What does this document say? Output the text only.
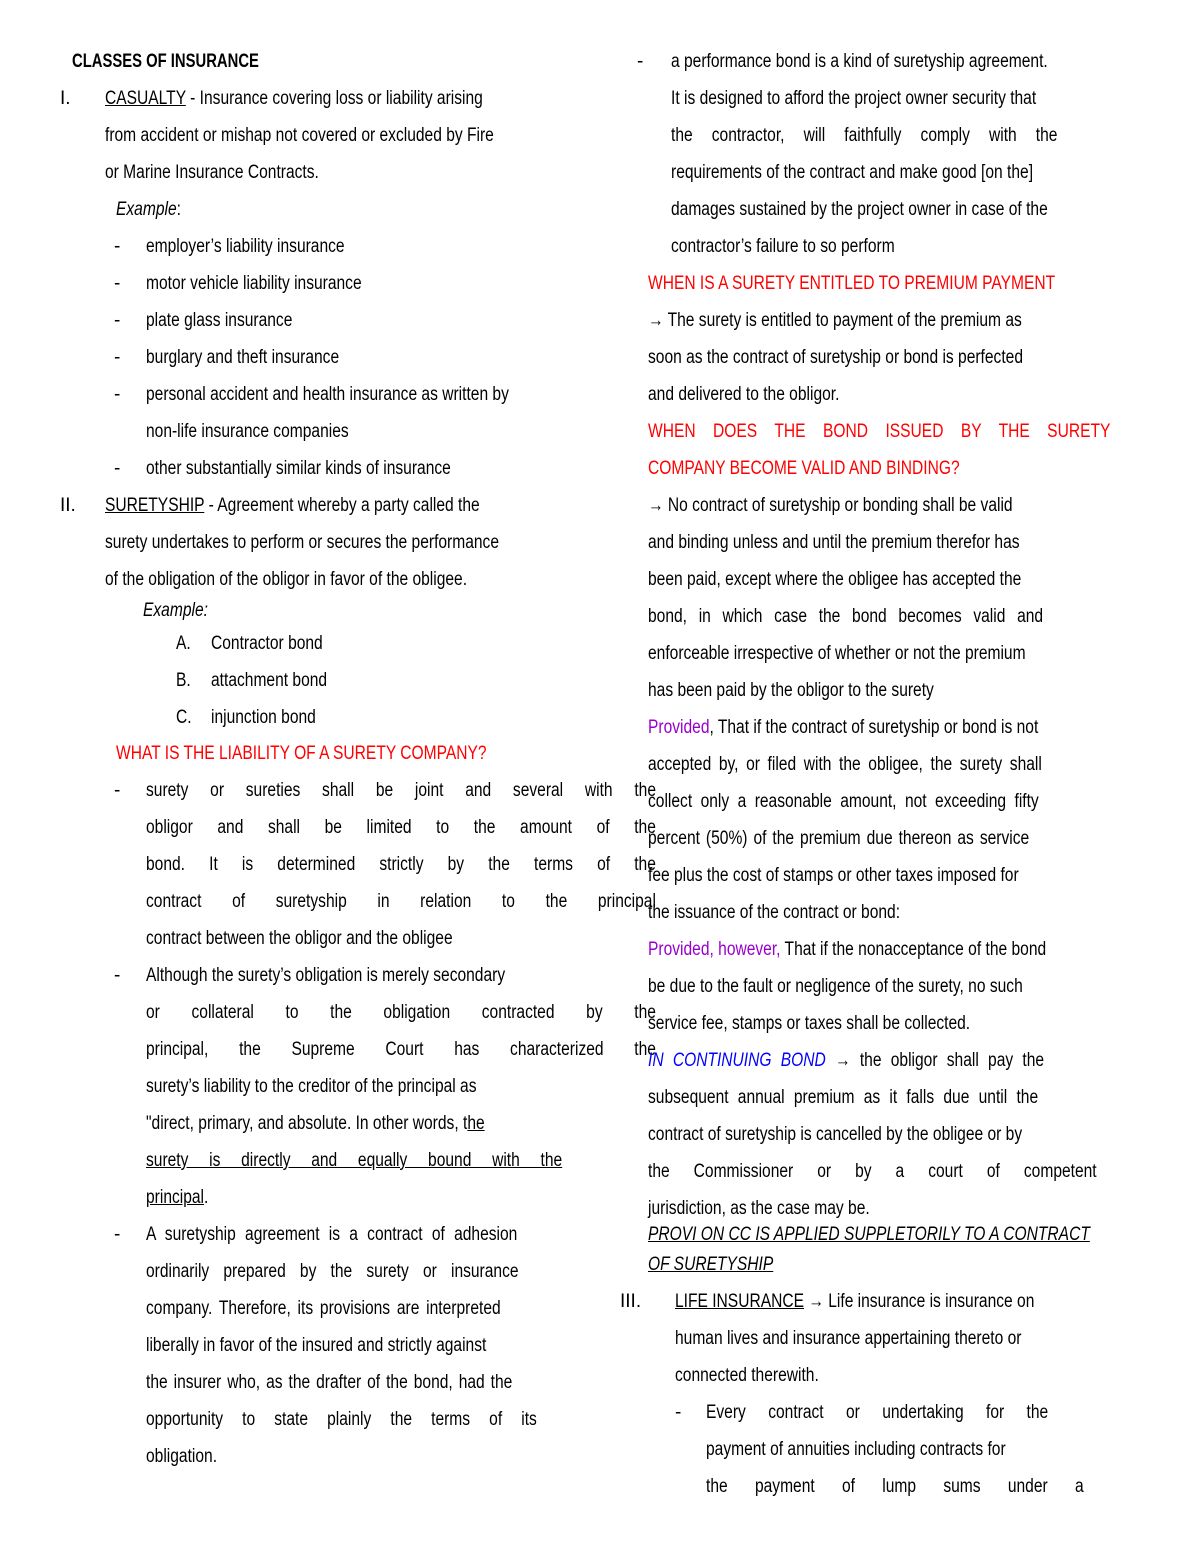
CLASSES OF INSURANCE
I. CASUALTY - Insurance covering loss or liability arising
from accident or mishap not covered or excluded by Fire
or Marine Insurance Contracts.
Example:
- employer’s liability insurance
- motor vehicle liability insurance
- plate glass insurance
- burglary and theft insurance
- personal accident and health insurance as written by
non-life insurance companies
- other substantially similar kinds of insurance
II. SURETYSHIP - Agreement whereby a party called the
surety undertakes to perform or secures the performance
of the obligation of the obligor in favor of the obligee.
Example:
A. Contractor bond
B. attachment bond
C. injunction bond
WHAT IS THE LIABILITY OF A SURETY COMPANY?
- surety or sureties shall be joint and several with the
obligor and shall be limited to the amount of the
bond. It is determined strictly by the terms of the
contract of suretyship in relation to the principal
contract between the obligor and the obligee
- Although the surety’s obligation is merely secondary
or collateral to the obligation contracted by the
principal, the Supreme Court has characterized the
surety’s liability to the creditor of the principal as
"direct, primary, and absolute. In other words, the
surety is directly and equally bound with the
principal.
- A suretyship agreement is a contract of adhesion
ordinarily prepared by the surety or insurance
company. Therefore, its provisions are interpreted
liberally in favor of the insured and strictly against
the insurer who, as the drafter of the bond, had the
opportunity to state plainly the terms of its
obligation.
- a performance bond is a kind of suretyship agreement.
It is designed to afford the project owner security that
the contractor, will faithfully comply with the
requirements of the contract and make good [on the]
damages sustained by the project owner in case of the
contractor’s failure to so perform
WHEN IS A SURETY ENTITLED TO PREMIUM PAYMENT
→ The surety is entitled to payment of the premium as
soon as the contract of suretyship or bond is perfected
and delivered to the obligor.
WHEN DOES THE BOND ISSUED BY THE SURETY
COMPANY BECOME VALID AND BINDING?
→ No contract of suretyship or bonding shall be valid
and binding unless and until the premium therefor has
been paid, except where the obligee has accepted the
bond, in which case the bond becomes valid and
enforceable irrespective of whether or not the premium
has been paid by the obligor to the surety
Provided, That if the contract of suretyship or bond is not
accepted by, or filed with the obligee, the surety shall
collect only a reasonable amount, not exceeding fifty
percent (50%) of the premium due thereon as service
fee plus the cost of stamps or other taxes imposed for
the issuance of the contract or bond:
Provided, however, That if the nonacceptance of the bond
be due to the fault or negligence of the surety, no such
service fee, stamps or taxes shall be collected.
IN CONTINUING BOND → the obligor shall pay the
subsequent annual premium as it falls due until the
contract of suretyship is cancelled by the obligee or by
the Commissioner or by a court of competent
jurisdiction, as the case may be.
PROVI ON CC IS APPLIED SUPPLETORILY TO A CONTRACT
OF SURETYSHIP
III. LIFE INSURANCE → Life insurance is insurance on
human lives and insurance appertaining thereto or
connected therewith.
- Every contract or undertaking for the
payment of annuities including contracts for
the payment of lump sums under a
